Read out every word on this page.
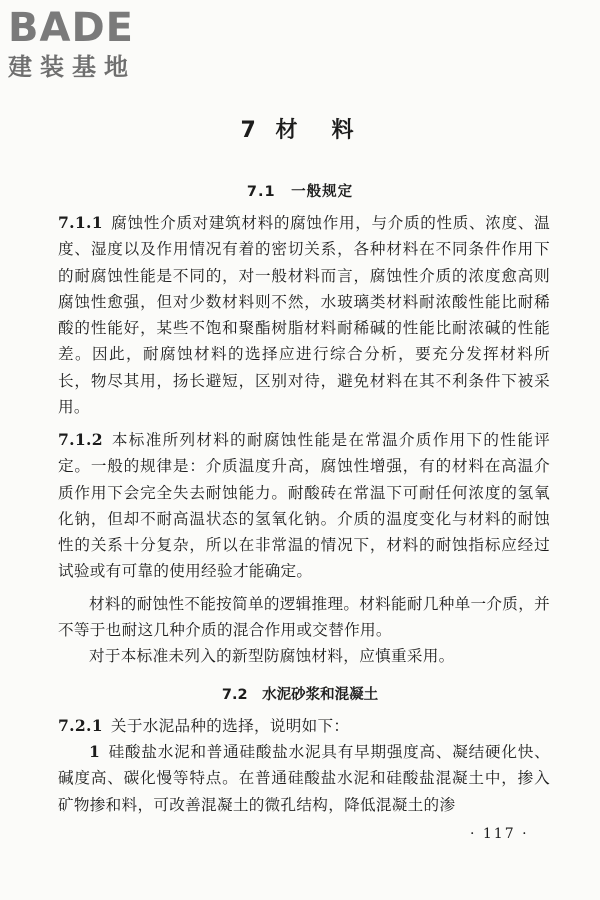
BADE
建装基地
7 材　料
7.1　一般规定
7.1.1 腐蚀性介质对建筑材料的腐蚀作用，与介质的性质、浓度、温度、湿度以及作用情况有着的密切关系，各种材料在不同条件作用下的耐腐蚀性能是不同的，对一般材料而言，腐蚀性介质的浓度愈高则腐蚀性愈强，但对少数材料则不然，水玻璃类材料耐浓酸性能比耐稀酸的性能好，某些不饱和聚酯树脂材料耐稀碱的性能比耐浓碱的性能差。因此，耐腐蚀材料的选择应进行综合分析，要充分发挥材料所长，物尽其用，扬长避短，区别对待，避免材料在其不利条件下被采用。
7.1.2 本标准所列材料的耐腐蚀性能是在常温介质作用下的性能评定。一般的规律是：介质温度升高，腐蚀性增强，有的材料在高温介质作用下会完全失去耐蚀能力。耐酸砖在常温下可耐任何浓度的氢氧化钠，但却不耐高温状态的氢氧化钠。介质的温度变化与材料的耐蚀性的关系十分复杂，所以在非常温的情况下，材料的耐蚀指标应经过试验或有可靠的使用经验才能确定。
材料的耐蚀性不能按简单的逻辑推理。材料能耐几种单一介质，并不等于也耐这几种介质的混合作用或交替作用。
对于本标准未列入的新型防腐蚀材料，应慎重采用。
7.2　水泥砂浆和混凝土
7.2.1 关于水泥品种的选择，说明如下：
1 硅酸盐水泥和普通硅酸盐水泥具有早期强度高、凝结硬化快、碱度高、碳化慢等特点。在普通硅酸盐水泥和硅酸盐混凝土中，掺入矿物掺和料，可改善混凝土的微孔结构，降低混凝土的渗
· 117 ·
